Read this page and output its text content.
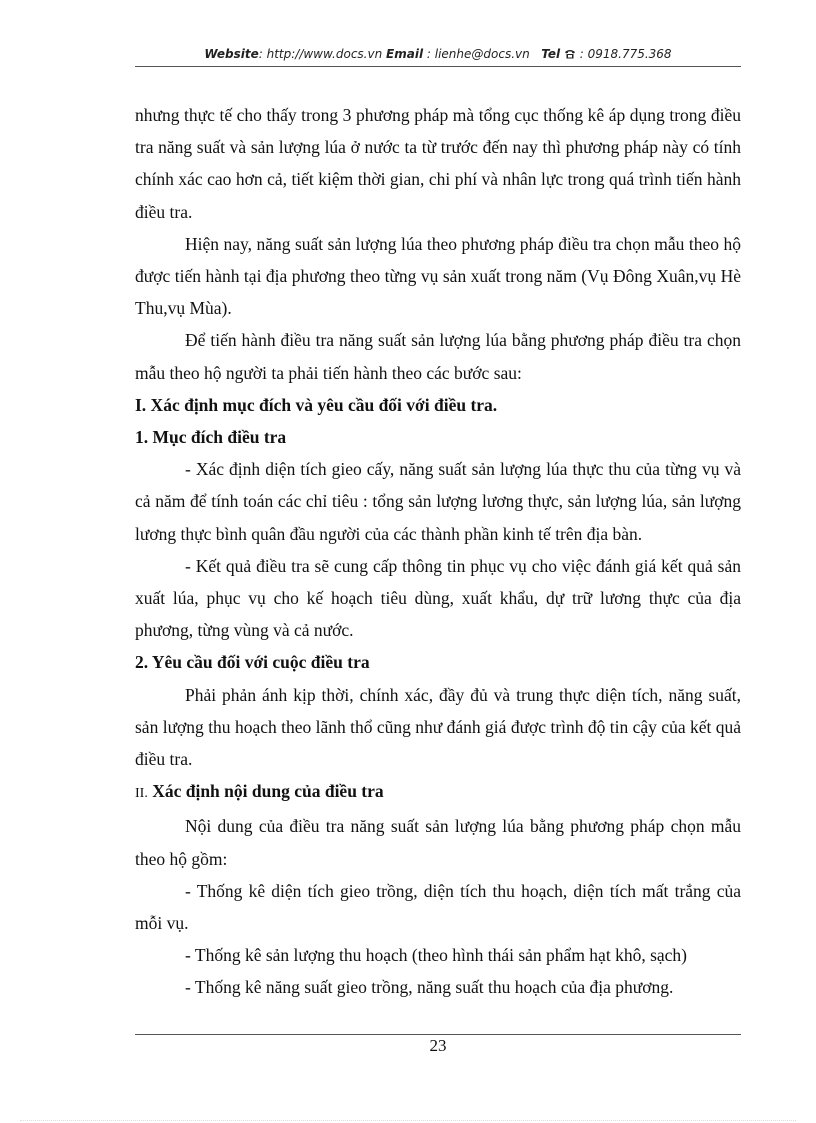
Website: http://www.docs.vn Email : lienhe@docs.vn Tel : 0918.775.368

nhưng thực tế cho thấy trong 3 phương pháp mà tổng cục thống kê áp dụng trong điều tra năng suất và sản lượng lúa ở nước ta từ trước đến nay thì phương pháp này có tính chính xác cao hơn cả, tiết kiệm thời gian, chi phí và nhân lực trong quá trình tiến hành điều tra.

Hiện nay, năng suất sản lượng lúa theo phương pháp điều tra chọn mẫu theo hộ được tiến hành tại địa phương theo từng vụ sản xuất trong năm (Vụ Đông Xuân,vụ Hè Thu,vụ Mùa).

Để tiến hành điều tra năng suất sản lượng lúa bằng phương pháp điều tra chọn mẫu theo hộ người ta phải tiến hành theo các bước sau:

I. Xác định mục đích và yêu cầu đối với điều tra.

1. Mục đích điều tra

- Xác định diện tích gieo cấy, năng suất sản lượng lúa thực thu của từng vụ và cả năm để tính toán các chỉ tiêu : tổng sản lượng lương thực, sản lượng lúa, sản lượng lương thực bình quân đầu người của các thành phần kinh tế trên địa bàn.

- Kết quả điều tra sẽ cung cấp thông tin phục vụ cho việc đánh giá kết quả sản xuất lúa, phục vụ cho kế hoạch tiêu dùng, xuất khẩu, dự trữ lương thực của địa phương, từng vùng và cả nước.

2. Yêu cầu đối với cuộc điều tra

Phải phản ánh kịp thời, chính xác, đầy đủ và trung thực diện tích, năng suất, sản lượng thu hoạch theo lãnh thổ cũng như đánh giá được trình độ tin cậy của kết quả điều tra.

II. Xác định nội dung của điều tra

Nội dung của điều tra năng suất sản lượng lúa bằng phương pháp chọn mẫu theo hộ gồm:

- Thống kê diện tích gieo trồng, diện tích thu hoạch, diện tích mất trắng của mỗi vụ.

- Thống kê sản lượng thu hoạch (theo hình thái sản phẩm hạt khô, sạch)

- Thống kê năng suất gieo trồng, năng suất thu hoạch của địa phương.

23
